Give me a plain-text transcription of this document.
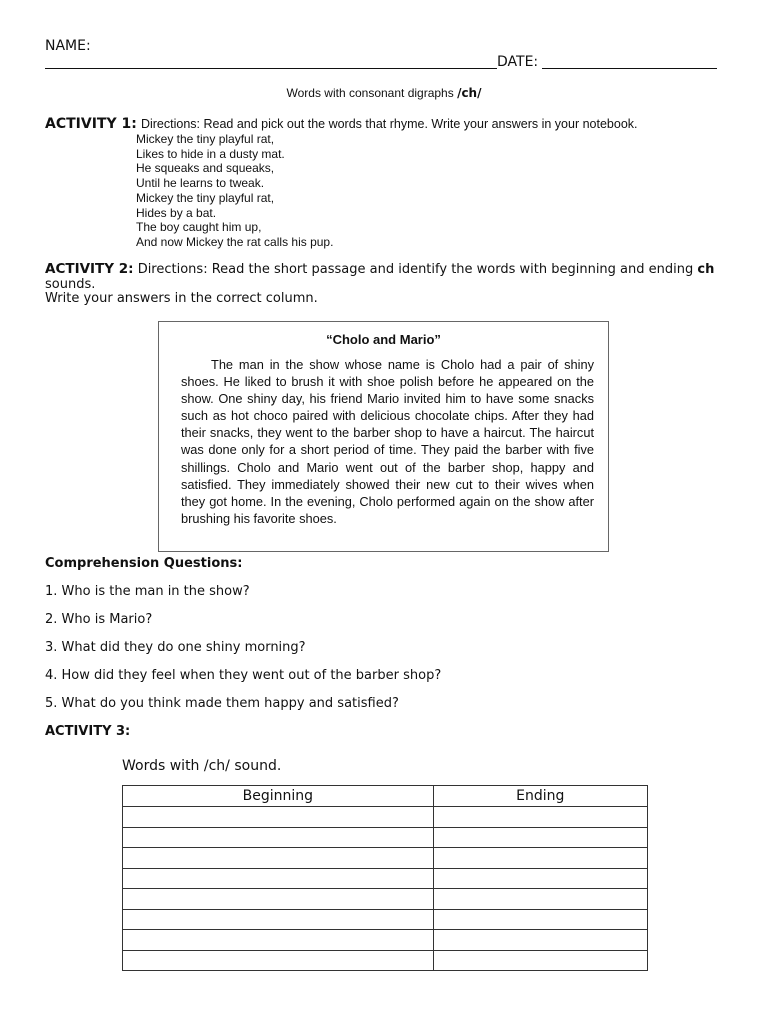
NAME:
DATE:
Words with consonant digraphs /ch/
ACTIVITY 1: Directions: Read and pick out the words that rhyme. Write your answers in your notebook.
Mickey the tiny playful rat,
Likes to hide in a dusty mat.
He squeaks and squeaks,
Until he learns to tweak.
Mickey the tiny playful rat,
Hides by a bat.
The boy caught him up,
And now Mickey the rat calls his pup.
ACTIVITY 2: Directions: Read the short passage and identify the words with beginning and ending ch sounds.
Write your answers in the correct column.
“Cholo and Mario”
The man in the show whose name is Cholo had a pair of shiny shoes. He liked to brush it with shoe polish before he appeared on the show. One shiny day, his friend Mario invited him to have some snacks such as hot choco paired with delicious chocolate chips. After they had their snacks, they went to the barber shop to have a haircut. The haircut was done only for a short period of time. They paid the barber with five shillings. Cholo and Mario went out of the barber shop, happy and satisfied. They immediately showed their new cut to their wives when they got home. In the evening, Cholo performed again on the show after brushing his favorite shoes.
Comprehension Questions:
1. Who is the man in the show?
2. Who is Mario?
3. What did they do one shiny morning?
4. How did they feel when they went out of the barber shop?
5. What do you think made them happy and satisfied?
ACTIVITY 3:
Words with /ch/ sound.
Beginning	Ending
